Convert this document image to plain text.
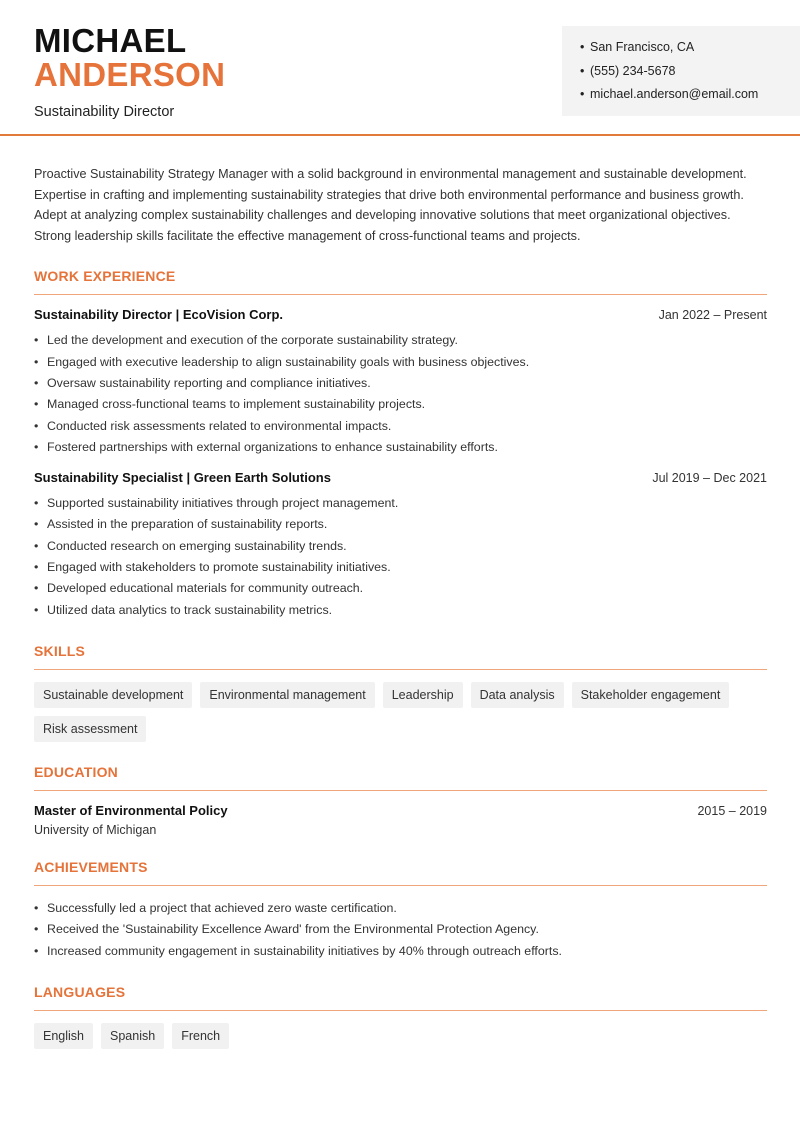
MICHAEL
ANDERSON
Sustainability Director
• San Francisco, CA
• (555) 234-5678
• michael.anderson@email.com

Proactive Sustainability Strategy Manager with a solid background in environmental management and sustainable development. Expertise in crafting and implementing sustainability strategies that drive both environmental performance and business growth. Adept at analyzing complex sustainability challenges and developing innovative solutions that meet organizational objectives. Strong leadership skills facilitate the effective management of cross-functional teams and projects.

WORK EXPERIENCE
Sustainability Director | EcoVision Corp.	Jan 2022 – Present
• Led the development and execution of the corporate sustainability strategy.
• Engaged with executive leadership to align sustainability goals with business objectives.
• Oversaw sustainability reporting and compliance initiatives.
• Managed cross-functional teams to implement sustainability projects.
• Conducted risk assessments related to environmental impacts.
• Fostered partnerships with external organizations to enhance sustainability efforts.
Sustainability Specialist | Green Earth Solutions	Jul 2019 – Dec 2021
• Supported sustainability initiatives through project management.
• Assisted in the preparation of sustainability reports.
• Conducted research on emerging sustainability trends.
• Engaged with stakeholders to promote sustainability initiatives.
• Developed educational materials for community outreach.
• Utilized data analytics to track sustainability metrics.
SKILLS
Sustainable development	Environmental management	Leadership	Data analysis	Stakeholder engagement
Risk assessment
EDUCATION
Master of Environmental Policy	2015 – 2019
University of Michigan
ACHIEVEMENTS
• Successfully led a project that achieved zero waste certification.
• Received the 'Sustainability Excellence Award' from the Environmental Protection Agency.
• Increased community engagement in sustainability initiatives by 40% through outreach efforts.
LANGUAGES
English	Spanish	French
